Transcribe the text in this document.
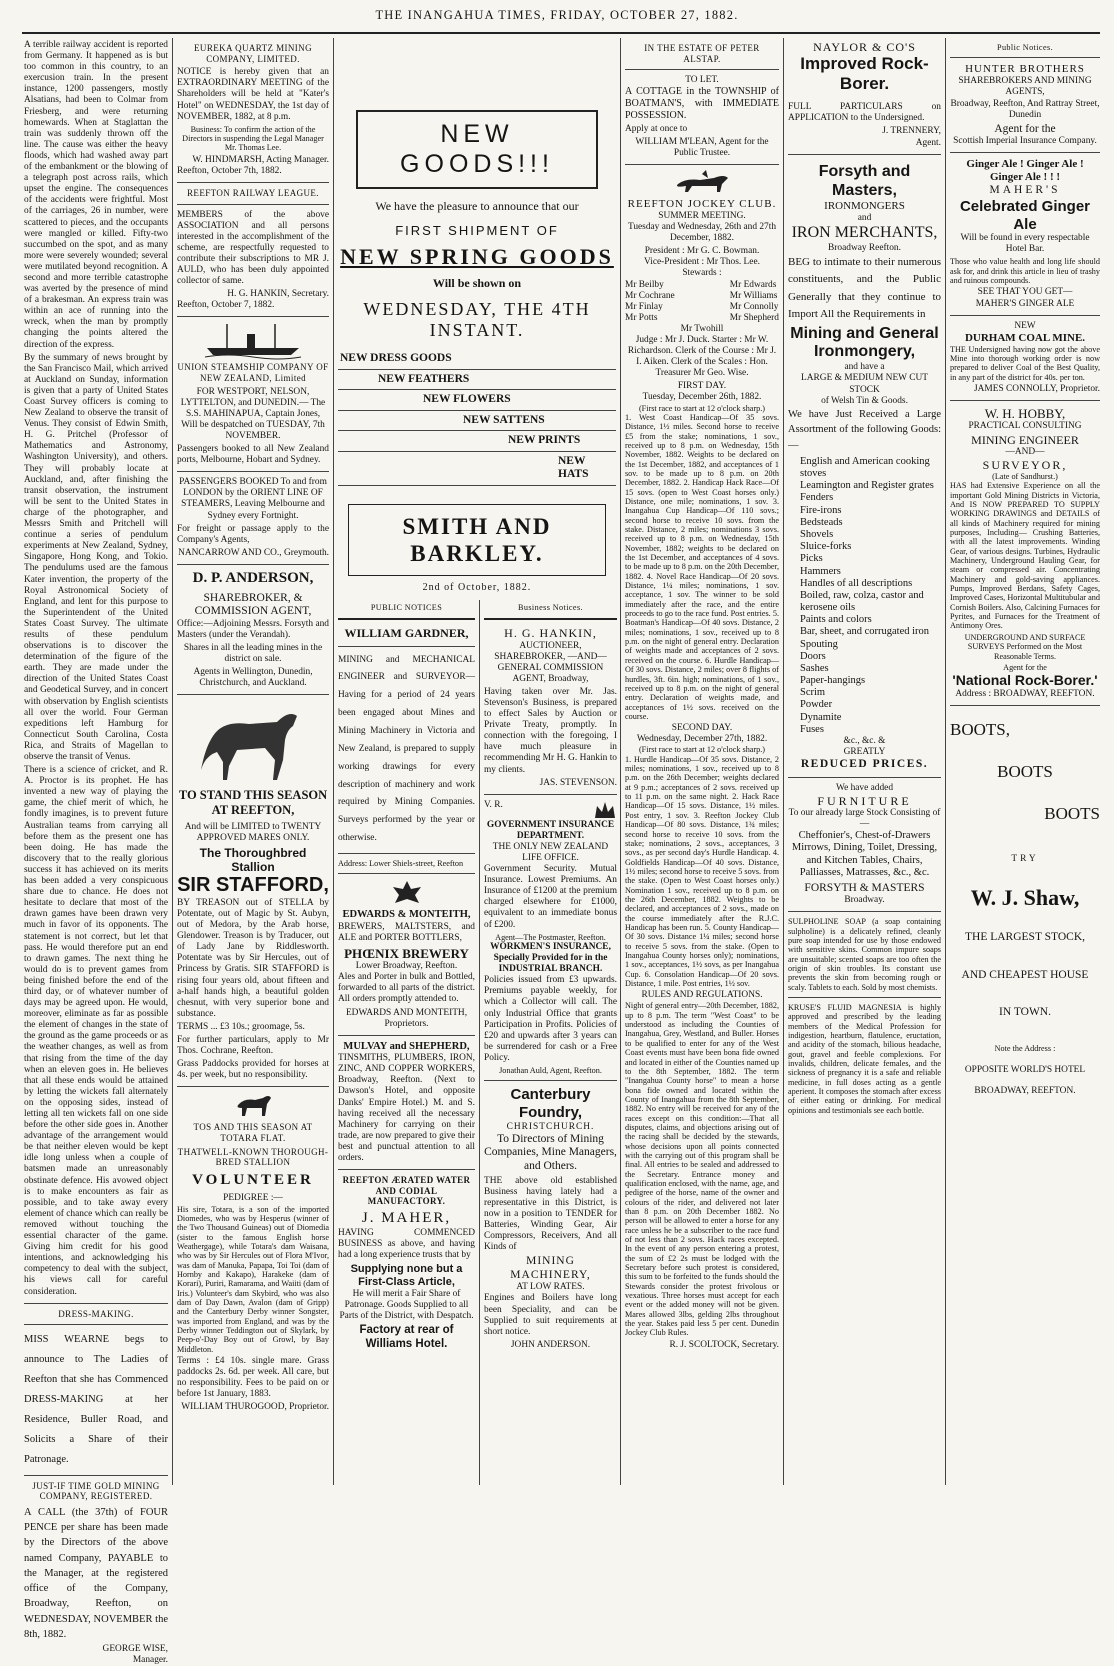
THE INANGAHUA TIMES, FRIDAY, OCTOBER 27, 1882.

A terrible railway accident is reported from Germany. It happened as is but too common in this country, to an exercusion train. In the present instance, 1200 passengers, mostly Alsatians, had been to Colmar from Friesberg, and were returning homewards. When at Staglattan the train was suddenly thrown off the line. The cause was either the heavy floods, which had washed away part of the embankment or the blowing of a telegraph post across rails, which upset the engine. The consequences of the accidents were frightful. Most of the carriages, 26 in number, were scattered to pieces, and the occupants were mangled or killed. Fifty-two succumbed on the spot, and as many more were severely wounded; several were mutilated beyond recognition. A second and more terrible catastrophe was averted by the presence of mind of a brakesman. An express train was within an ace of running into the wreck, when the man by promptly changing the points altered the direction of the express.

By the summary of news brought by the San Francisco Mail, which arrived at Auckland on Sunday, information is given that a party of United States Coast Survey officers is coming to New Zealand to observe the transit of Venus. They consist of Edwin Smith, H. G. Pritchel (Professor of Mathematics and Astronomy, Washington University), and others. They will probably locate at Auckland, and, after finishing the transit observation, the instrument will be sent to the United States in charge of the photographer, and Messrs Smith and Pritchell will continue a series of pendulum experiments at New Zealand, Sydney, Singapore, Hong Kong, and Tokio. The pendulums used are the famous Kater invention, the property of the Royal Astronomical Society of England, and lent for this purpose to the Superintendent of the United States Coast Survey. The ultimate results of these pendulum observations is to discover the determination of the figure of the earth. They are made under the direction of the United States Coast and Geodetical Survey, and in concert with observation by English scientists all over the world. Four German expeditions left Hamburg for Connecticut South Carolina, Costa Rica, and Straits of Magellan to observe the transit of Venus.

There is a science of cricket, and R. A. Proctor is its prophet. He has invented a new way of playing the game, the chief merit of which, he fondly imagines, is to prevent future Australian teams from carrying all before them as the present one has been doing. He has made the discovery that to the really glorious success it has achieved on its merits has been added a very conspicuous share due to chance. He does not hesitate to declare that most of the drawn games have been drawn very much in favor of its opponents. The statement is not correct, but let that pass. He would therefore put an end to drawn games. The next thing he would do is to prevent games from being finished before the end of the third day, or of whatever number of days may be agreed upon. He would, moreover, eliminate as far as possible the element of changes in the state of the ground as the game proceeds or as the weather changes, as well as from that rising from the time of the day when an eleven goes in. He believes that all these ends would be attained by letting the wickets fall alternately on the opposing sides, instead of letting all ten wickets fall on one side before the other side goes in. Another advantage of the arrangement would be that neither eleven would be kept idle long unless when a couple of batsmen made an unreasonably obstinate defence. His avowed object is to make encounters as fair as possible, and to take away every element of chance which can really be removed without touching the essential character of the game. Giving him credit for his good intentions, and acknowledging his competency to deal with the subject, his views call for careful consideration.

DRESS-MAKING.

MISS WEARNE begs to announce to The Ladies of Reefton that she has Commenced DRESS-MAKING at her Residence, Buller Road, and Solicits a Share of their Patronage.

JUST-IF TIME GOLD MINING COMPANY, REGISTERED.

A CALL (the 37th) of FOUR PENCE per share has been made by the Directors of the above named Company, PAYABLE to the Manager, at the registered office of the Company, Broadway, Reefton, on WEDNESDAY, NOVEMBER the 8th, 1882.

GEORGE WISE,
Manager.
EUREKA QUARTZ MINING COMPANY, LIMITED.

NOTICE is hereby given that an EXTRAORDINARY MEETING of the Shareholders will be held at "Kater's Hotel" on WEDNESDAY, the 1st day of NOVEMBER, 1882, at 8 p.m.

Business: To confirm the action of the Directors in suspending the Legal Manager Mr. Thomas Lee.

W. HINDMARSH, Acting Manager.
Reefton, October 7th, 1882.
REEFTON RAILWAY LEAGUE.

MEMBERS of the above ASSOCIATION and all persons interested in the accomplishment of the scheme, are respectfully requested to contribute their subscriptions to MR J. AULD, who has been duly appointed collector of same.

H. G. HANKIN, Secretary.
Reefton, October 7, 1882.
UNION STEAMSHIP COMPANY OF NEW ZEALAND, Limited

FOR WESTPORT, NELSON, LYTTELTON, and DUNEDIN.— The S.S. MAHINAPUA, Captain Jones, Will be despatched on TUESDAY, 7th NOVEMBER.

Passengers booked to all New Zealand ports, Melbourne, Hobart and Sydney.

PASSENGERS BOOKED To and from LONDON by the ORIENT LINE OF STEAMERS, Leaving Melbourne and Sydney every Fortnight.

For freight or passage apply to the Company's Agents,

NANCARROW AND CO., Greymouth.
D. P. ANDERSON,
SHAREBROKER, & COMMISSION AGENT,

Office:—Adjoining Messrs. Forsyth and Masters (under the Verandah).

Shares in all the leading mines in the district on sale.

Agents in Wellington, Dunedin, Christchurch, and Auckland.

TO STAND THIS SEASON AT REEFTON,

And will be LIMITED to TWENTY APPROVED MARES ONLY.

The Thoroughbred Stallion
SIR STAFFORD,

BY TREASON out of STELLA by Potentate, out of Magic by St. Aubyn, out of Medora, by the Arab horse, Glendower. Treason is by Traducer, out of Lady Jane by Riddlesworth. Potentate was by Sir Hercules, out of Princess by Gratis. SIR STAFFORD is rising four years old, about fifteen and a-half hands high, a beautiful golden chesnut, with very superior bone and substance.

TERMS ... £3 10s.; groomage, 5s.

For further particulars, apply to Mr Thos. Cochrane, Reefton.

Grass Paddocks provided for horses at 4s. per week, but no responsibility.

TOS AND THIS SEASON AT TOTARA FLAT.
THATWELL-KNOWN THOROUGH-BRED STALLION
VOLUNTEER
PEDIGREE :—

His sire, Totara, is a son of the imported Diomedes, who was by Hesperus (winner of the Two Thousand Guineas) out of Diomedia (sister to the famous English horse Weathergage), while Totara's dam Waisana, who was by Sir Hercules out of Flora M'Ivor, was dam of Manuka, Papapa, Toi Toi (dam of Hornby and Kakapo), Harakeke (dam of Korari), Puriri, Ramarama, and Waiiti (dam of Iris.) Volunteer's dam Skybird, who was also dam of Day Dawn, Avalon (dam of Gripp) and the Canterbury Derby winner Songster, was imported from England, and was by the Derby winner Teddington out of Skylark, by Peep-o'-Day Boy out of Growl, by Bay Middleton.

Terms : £4 10s. single mare. Grass paddocks 2s. 6d. per week. All care, but no responsibility. Fees to be paid on or before 1st January, 1883.

WILLIAM THUROGOOD, Proprietor.
NEW GOODS!!!
We have the pleasure to announce that our
FIRST SHIPMENT OF
NEW SPRING GOODS
Will be shown on
WEDNESDAY, THE 4TH INSTANT.
NEW DRESS GOODS
NEW FEATHERS
NEW FLOWERS
NEW SATTENS
NEW PRINTS
NEW HATS
SMITH AND BARKLEY.
2nd of October, 1882.
PUBLIC NOTICES
WILLIAM GARDNER,

MINING and MECHANICAL ENGINEER and SURVEYOR—Having for a period of 24 years been engaged about Mines and Mining Machinery in Victoria and New Zealand, is prepared to supply working drawings for every description of machinery and work required by Mining Companies. Surveys performed by the year or otherwise.

Address: Lower Shiels-street, Reefton

EDWARDS & MONTEITH,

BREWERS, MALTSTERS, and ALE and PORTER BOTTLERS,

PHŒNIX BREWERY
Lower Broadway, Reefton.

Ales and Porter in bulk and Bottled, forwarded to all parts of the district. All orders promptly attended to.

EDWARDS AND MONTEITH, Proprietors.

MULVAY and SHEPHERD,

TINSMITHS, PLUMBERS, IRON, ZINC, AND COPPER WORKERS, Broadway, Reefton. (Next to Dawson's Hotel, and opposite Danks' Empire Hotel.) M. and S. having received all the necessary Machinery for carrying on their trade, are now prepared to give their best and punctual attention to all orders.

REEFTON ÆRATED WATER AND CODIAL MANUFACTORY.
J. MAHER,

HAVING COMMENCED BUSINESS as above, and having had a long experience trusts that by

Supplying none but a First-Class Article,

He will merit a Fair Share of Patronage. Goods Supplied to all Parts of the District, with Despatch.

Factory at rear of Williams Hotel.
Business Notices.
H. G. HANKIN,

AUCTIONEER, SHAREBROKER, —AND— GENERAL COMMISSION AGENT, Broadway,

Having taken over Mr. Jas. Stevenson's Business, is prepared to effect Sales by Auction or Private Treaty, promptly. In connection with the foregoing, I have much pleasure in recommending Mr H. G. Hankin to my clients.

JAS. STEVENSON.
V. R.
GOVERNMENT INSURANCE DEPARTMENT.
THE ONLY NEW ZEALAND LIFE OFFICE.

Government Security. Mutual Insurance. Lowest Premiums. An Insurance of £1200 at the premium charged elsewhere for £1000, equivalent to an immediate bonus of £200.

Agent—The Postmaster, Reefton.
WORKMEN'S INSURANCE, Specially Provided for in the INDUSTRIAL BRANCH.

Policies issued from £3 upwards. Premiums payable weekly, for which a Collector will call. The only Industrial Office that grants Participation in Profits. Policies of £20 and upwards after 3 years can be surrendered for cash or a Free Policy.

Jonathan Auld, Agent, Reefton.
Canterbury Foundry,
CHRISTCHURCH.

To Directors of Mining Companies, Mine Managers, and Others.

THE above old established Business having lately had a representative in this District, is now in a position to TENDER for Batteries, Winding Gear, Air Compressors, Receivers, And all Kinds of

MINING MACHINERY,
AT LOW RATES.

Engines and Boilers have long been Speciality, and can be Supplied to suit requirements at short notice.

JOHN ANDERSON.
IN THE ESTATE OF PETER ALSTAP.
TO LET.

A COTTAGE in the TOWNSHIP of BOATMAN'S, with IMMEDIATE POSSESSION.

Apply at once to

WILLIAM M'LEAN, Agent for the Public Trustee.

REEFTON JOCKEY CLUB.
SUMMER MEETING.

Tuesday and Wednesday, 26th and 27th December, 1882.

President : Mr G. C. Bowman.
Vice-President : Mr Thos. Lee.
Stewards :
Mr Beilby
Mr Cochrane
Mr Finlay
Mr Potts
Mr Edwards
Mr Williams
Mr Connolly
Mr Shepherd
Mr Twohill

Judge : Mr J. Duck. Starter : Mr W. Richardson. Clerk of the Course : Mr J. I. Aiken. Clerk of the Scales : Hon. Treasurer Mr Geo. Wise.

FIRST DAY.
Tuesday, December 26th, 1882.
(First race to start at 12 o'clock sharp.)

1. West Coast Handicap—Of 35 sovs. Distance, 1½ miles. Second horse to receive £5 from the stake; nominations, 1 sov., received up to 8 p.m. on Wednesday, 15th November, 1882. Weights to be declared on the 1st December, 1882, and acceptances of 1 sov. to be made up to 8 p.m. on 20th December, 1882. 2. Handicap Hack Race—Of 15 sovs. (open to West Coast horses only.) Distance, one mile; nominations, 1 sov. 3. Inangahua Cup Handicap—Of 110 sovs.; second horse to receive 10 sovs. from the stake. Distance, 2 miles; nominations 3 sovs. received up to 8 p.m. on Wednesday, 15th November, 1882; weights to be declared on the 1st December, and acceptances of 4 sovs. to be made up to 8 p.m. on the 20th December, 1882. 4. Novel Race Handicap—Of 20 sovs. Distance, 1¼ miles; nominations, 1 sov. acceptance, 1 sov. The winner to be sold immediately after the race, and the entire proceeds to go to the race fund. Post entries. 5. Boatman's Handicap—Of 40 sovs. Distance, 2 miles; nominations, 1 sov., received up to 8 p.m. on the night of general entry. Declaration of weights made and acceptances of 2 sovs. received on the course. 6. Hurdle Handicap—Of 30 sovs. Distance, 2 miles; over 8 flights of hurdles, 3ft. 6in. high; nominations, of 1 sov., received up to 8 p.m. on the night of general entry. Declaration of weights made, and acceptances of 1½ sovs. received on the course.

SECOND DAY.
Wednesday, December 27th, 1882.
(First race to start at 12 o'clock sharp.)

1. Hurdle Handicap—Of 35 sovs. Distance, 2 miles; nominations, 1 sov., received up to 8 p.m. on the 26th December; weights declared at 9 p.m.; acceptances of 2 sovs. received up to 11 p.m. on the same night. 2. Hack Race Handicap—Of 15 sovs. Distance, 1½ miles. Post entry, 1 sov. 3. Reefton Jockey Club Handicap—Of 80 sovs. Distance, 1¾ miles; second horse to receive 10 sovs. from the stake; nominations, 2 sovs., acceptances, 3 sovs., as per second day's Hurdle Handicap. 4. Goldfields Handicap—Of 40 sovs. Distance, 1½ miles; second horse to receive 5 sovs. from the stake. (Open to West Coast horses only.) Nomination 1 sov., received up to 8 p.m. on the 26th December, 1882. Weights to be declared, and acceptances of 2 sovs., made on the course immediately after the R.J.C. Handicap has been run. 5. County Handicap—Of 30 sovs. Distance 1¼ miles; second horse to receive 5 sovs. from the stake. (Open to Inangahua County horses only); nominations, 1 sov., acceptances, 1½ sovs, as per Inangahua Cup. 6. Consolation Handicap—Of 20 sovs. Distance, 1 mile. Post entries, 1½ sov.

RULES AND REGULATIONS.

Night of general entry—20th December, 1882, up to 8 p.m. The term "West Coast" to be understood as including the Counties of Inangahua, Grey, Westland, and Buller. Horses to be qualified to enter for any of the West Coast events must have been bona fide owned and located in either of the Counties named up to the 8th September, 1882. The term "Inangahua County horse" to mean a horse bona fide owned and located within the County of Inangahua from the 8th September, 1882. No entry will be received for any of the races except on this condition:—That all disputes, claims, and objections arising out of the racing shall be decided by the stewards, whose decisions upon all points connected with the carrying out of this program shall be final. All entries to be sealed and addressed to the Secretary. Entrance money and qualification enclosed, with the name, age, and pedigree of the horse, name of the owner and colours of the rider, and delivered not later than 8 p.m. on 20th December 1882. No person will be allowed to enter a horse for any race unless he be a subscriber to the race fund of not less than 2 sovs. Hack races excepted. In the event of any person entering a protest, the sum of £2 2s must be lodged with the Secretary before such protest is considered, this sum to be forfeited to the funds should the Stewards consider the protest frivolous or vexatious. Three horses must accept for each event or the added money will not be given. Mares allowed 3lbs, gelding 2lbs throughout the year. Stakes paid less 5 per cent. Dunedin Jockey Club Rules.

R. J. SCOLTOCK, Secretary.
NAYLOR & CO'S
Improved Rock-Borer.

FULL PARTICULARS on APPLICATION to the Undersigned.

J. TRENNERY,
Agent.
Forsyth and Masters,
IRONMONGERS
and
IRON MERCHANTS,
Broadway Reefton.

BEG to intimate to their numerous constituents, and the Public Generally that they continue to Import All the Requirements in

Mining and General
Ironmongery,
and have a
LARGE & MEDIUM NEW CUT STOCK
of Welsh Tin & Goods.

We have Just Received a Large Assortment of the following Goods:—

English and American cooking stoves
Leamington and Register grates
Fenders
Fire-irons
Bedsteads
Shovels
Sluice-forks
Picks
Hammers
Handles of all descriptions
Boiled, raw, colza, castor and kerosene oils
Paints and colors
Bar, sheet, and corrugated iron
Spouting
Doors
Sashes
Paper-hangings
Scrim
Powder
Dynamite
Fuses
&c., &c. &
GREATLY
REDUCED PRICES.
We have added
FURNITURE
To our already large Stock Consisting of—

Cheffonier's, Chest-of-Drawers Mirrows, Dining, Toilet, Dressing, and Kitchen Tables, Chairs, Palliasses, Matrasses, &c., &c.

FORSYTH & MASTERS
Broadway.

SULPHOLINE SOAP (a soap containing sulpholine) is a delicately refined, cleanly pure soap intended for use by those endowed with sensitive skins. Common impure soaps are unsuitable; scented soaps are too often the origin of skin troubles. Its constant use prevents the skin from becoming rough or scaly. Tablets to each. Sold by most chemists.

KRUSE'S FLUID MAGNESIA is highly approved and prescribed by the leading members of the Medical Profession for indigestion, heartburn, flatulence, eructation, and acidity of the stomach, bilious headache, gout, gravel and feeble complexions. For invalids, children, delicate females, and the sickness of pregnancy it is a safe and reliable medicine, in full doses acting as a gentle aperient. It composes the stomach after excess of either eating or drinking. For medical opinions and testimonials see each bottle.

Public Notices.
HUNTER BROTHERS
SHAREBROKERS AND MINING AGENTS,

Broadway, Reefton, And Rattray Street, Dunedin

Agent for the
Scottish Imperial Insurance Company.
Ginger Ale ! Ginger Ale ! Ginger Ale ! ! !
MAHER'S
Celebrated Ginger Ale

Will be found in every respectable Hotel Bar.

Those who value health and long life should ask for, and drink this article in lieu of trashy and ruinous compounds.

SEE THAT YOU GET—
MAHER'S GINGER ALE
NEW
DURHAM COAL MINE.

THE Undersigned having now got the above Mine into thorough working order is now prepared to deliver Coal of the Best Quality, in any part of the district for 40s. per ton.

JAMES CONNOLLY, Proprietor.
W. H. HOBBY,
PRACTICAL CONSULTING
MINING ENGINEER
—AND—
SURVEYOR,
(Late of Sandhurst.)

HAS had Extensive Experience on all the important Gold Mining Districts in Victoria, And IS NOW PREPARED TO SUPPLY WORKING DRAWINGS and DETAILS of all kinds of Machinery required for mining purposes, Including— Crushing Batteries, with all the latest improvements. Winding Gear, of various designs. Turbines, Hydraulic Machinery, Underground Hauling Gear, for steam or compressed air. Concentrating Machinery and gold-saving appliances. Pumps, Improved Berdans, Safety Cages, Improved Cases, Horizontal Multitubular and Cornish Boilers. Also, Calcining Furnaces for Pyrites, and Furnaces for the Treatment of Antimony Ores.

UNDERGROUND AND SURFACE SURVEYS Performed on the Most Reasonable Terms.

Agent for the
'National Rock-Borer.'

Address : BROADWAY, REEFTON.

BOOTS,
BOOTS
BOOTS
TRY
W. J. Shaw,
THE LARGEST STOCK,
AND CHEAPEST HOUSE
IN TOWN.
Note the Address :
OPPOSITE WORLD'S HOTEL
BROADWAY, REEFTON.
